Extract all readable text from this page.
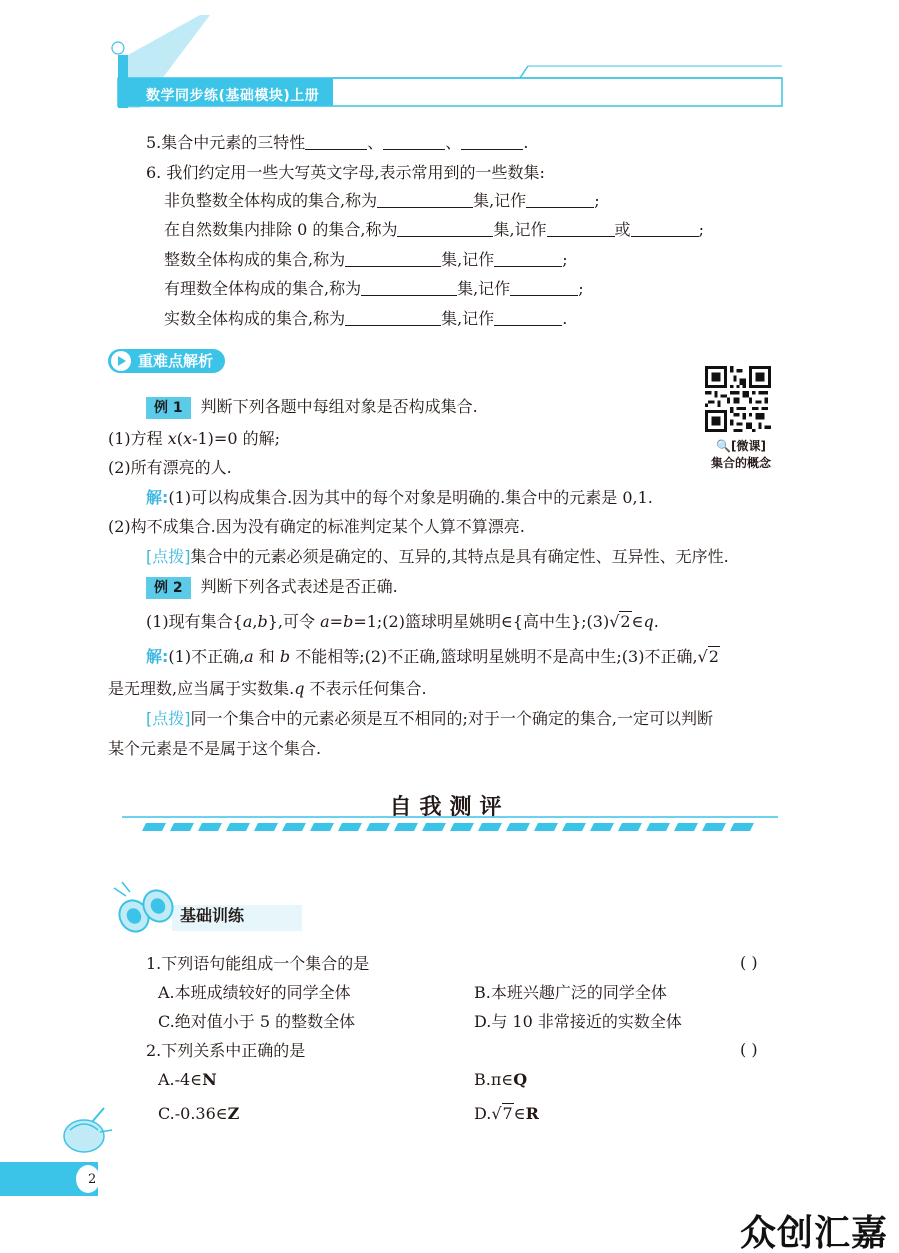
数学同步练(基础模块)上册
5.集合中元素的三特性	、	、	.
6. 我们约定用一些大写英文字母,表示常用到的一些数集:
非负整数全体构成的集合,称为	集,记作	;
在自然数集内排除 0 的集合,称为	集,记作	或	;
整数全体构成的集合,称为	集,记作	;
有理数全体构成的集合,称为	集,记作	;
实数全体构成的集合,称为	集,记作	.
重难点解析
🔍[微课]
集合的概念
例 1 判断下列各题中每组对象是否构成集合.
(1)方程 x(x-1)=0 的解;
(2)所有漂亮的人.
解:(1)可以构成集合.因为其中的每个对象是明确的.集合中的元素是 0,1.
(2)构不成集合.因为没有确定的标准判定某个人算不算漂亮.
[点拨]集合中的元素必须是确定的、互异的,其特点是具有确定性、互异性、无序性.
例 2 判断下列各式表述是否正确.
(1)现有集合{a,b},可令 a=b=1;(2)篮球明星姚明∈{高中生};(3)√2∈q.
解:(1)不正确,a 和 b 不能相等;(2)不正确,篮球明星姚明不是高中生;(3)不正确,√2
是无理数,应当属于实数集.q 不表示任何集合.
[点拨]同一个集合中的元素必须是互不相同的;对于一个确定的集合,一定可以判断
某个元素是不是属于这个集合.
自我测评
基础训练
1.下列语句能组成一个集合的是	( )
A.本班成绩较好的同学全体	B.本班兴趣广泛的同学全体
C.绝对值小于 5 的整数全体	D.与 10 非常接近的实数全体
2.下列关系中正确的是	( )
A.-4∈N	B.π∈Q
C.-0.36∈Z	D.√7∈R
2
众创汇嘉
